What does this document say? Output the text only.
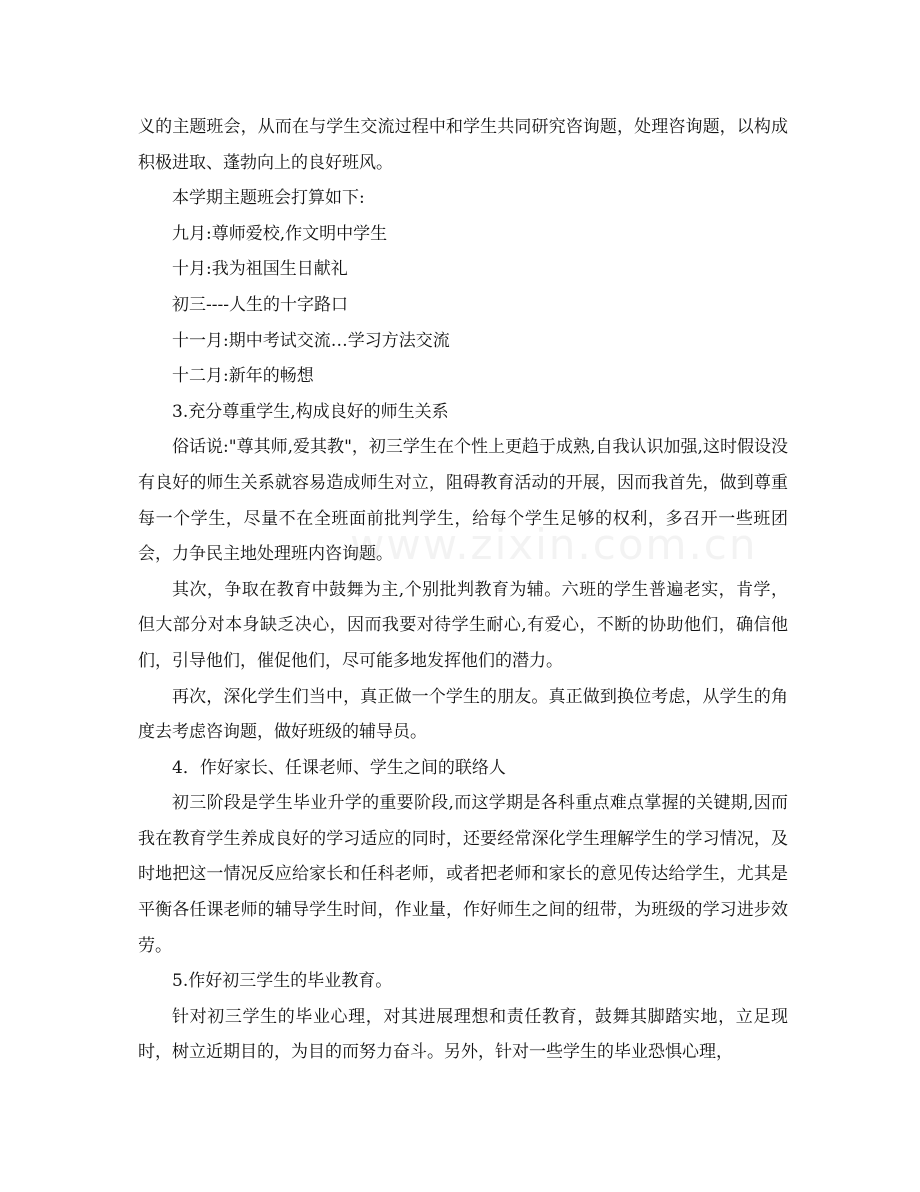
义的主题班会，从而在与学生交流过程中和学生共同研究咨询题，处理咨询题，以构成积极进取、蓬勃向上的良好班风。

本学期主题班会打算如下:

九月:尊师爱校,作文明中学生

十月:我为祖国生日献礼

初三----人生的十字路口

十一月:期中考试交流…学习方法交流

十二月:新年的畅想

3.充分尊重学生,构成良好的师生关系

俗话说:"尊其师,爱其教"，初三学生在个性上更趋于成熟,自我认识加强,这时假设没有良好的师生关系就容易造成师生对立，阻碍教育活动的开展，因而我首先，做到尊重每一个学生，尽量不在全班面前批判学生，给每个学生足够的权利，多召开一些班团会，力争民主地处理班内咨询题。

其次，争取在教育中鼓舞为主,个别批判教育为辅。六班的学生普遍老实，肯学，但大部分对本身缺乏决心，因而我要对待学生耐心,有爱心，不断的协助他们，确信他们，引导他们，催促他们，尽可能多地发挥他们的潜力。

再次，深化学生们当中，真正做一个学生的朋友。真正做到换位考虑，从学生的角度去考虑咨询题，做好班级的辅导员。

4．作好家长、任课老师、学生之间的联络人

初三阶段是学生毕业升学的重要阶段,而这学期是各科重点难点掌握的关键期,因而我在教育学生养成良好的学习适应的同时，还要经常深化学生理解学生的学习情况，及时地把这一情况反应给家长和任科老师，或者把老师和家长的意见传达给学生，尤其是平衡各任课老师的辅导学生时间，作业量，作好师生之间的纽带，为班级的学习进步效劳。

5.作好初三学生的毕业教育。

针对初三学生的毕业心理，对其进展理想和责任教育，鼓舞其脚踏实地，立足现时，树立近期目的，为目的而努力奋斗。另外，针对一些学生的毕业恐惧心理，

www.zixin.com.cn
